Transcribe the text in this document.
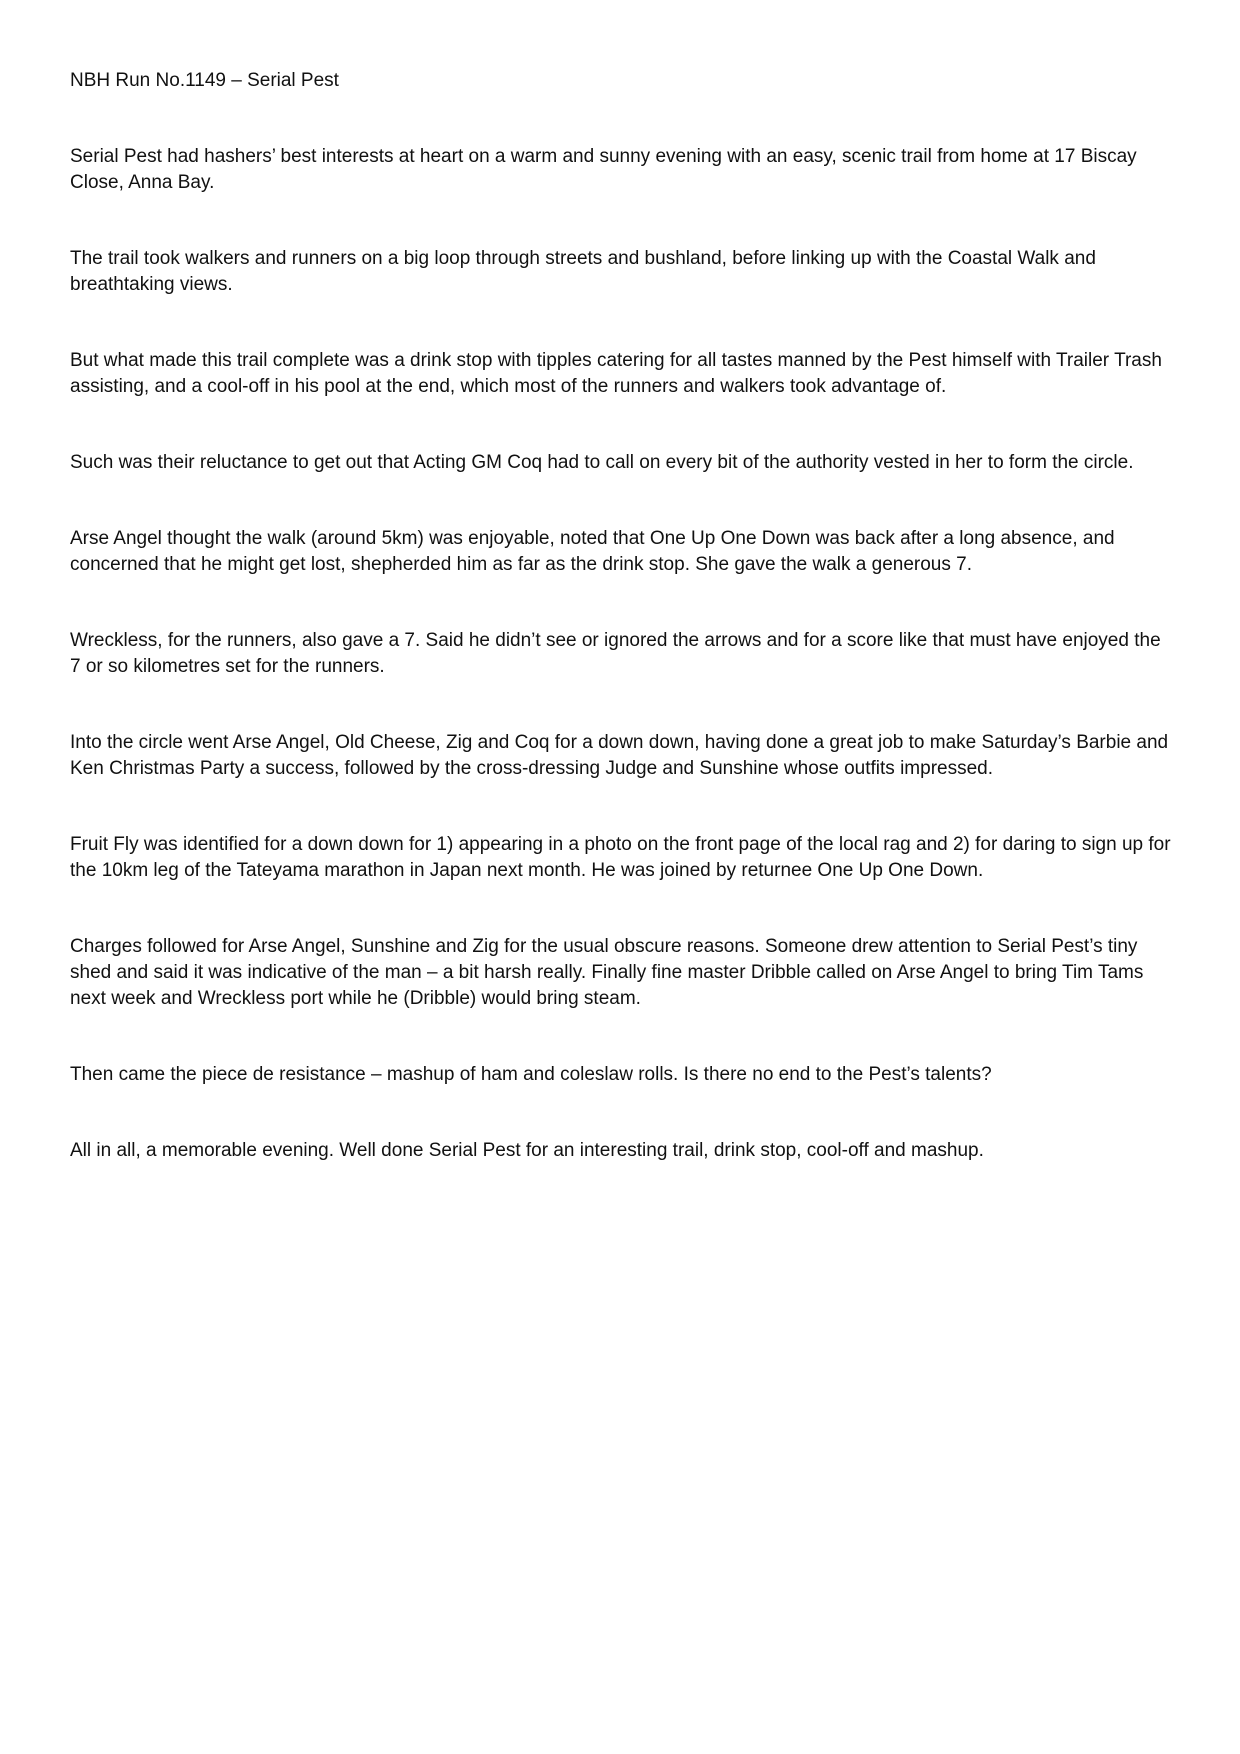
NBH Run No.1149 – Serial Pest

Serial Pest had hashers’ best interests at heart on a warm and sunny evening with an easy, scenic trail from home at 17 Biscay Close, Anna Bay.

The trail took walkers and runners on a big loop through streets and bushland, before linking up with the Coastal Walk and breathtaking views.

But what made this trail complete was a drink stop with tipples catering for all tastes manned by the Pest himself with Trailer Trash assisting, and a cool-off in his pool at the end, which most of the runners and walkers took advantage of.

Such was their reluctance to get out that Acting GM Coq had to call on every bit of the authority vested in her to form the circle.

Arse Angel thought the walk (around 5km) was enjoyable, noted that One Up One Down was back after a long absence, and concerned that he might get lost, shepherded him as far as the drink stop. She gave the walk a generous 7.

Wreckless, for the runners, also gave a 7. Said he didn’t see or ignored the arrows and for a score like that must have enjoyed the 7 or so kilometres set for the runners.

Into the circle went Arse Angel, Old Cheese, Zig and Coq for a down down, having done a great job to make Saturday’s Barbie and Ken Christmas Party a success, followed by the cross-dressing Judge and Sunshine whose outfits impressed.

Fruit Fly was identified for a down down for 1) appearing in a photo on the front page of the local rag and 2) for daring to sign up for the 10km leg of the Tateyama marathon in Japan next month. He was joined by returnee One Up One Down.

Charges followed for Arse Angel, Sunshine and Zig for the usual obscure reasons. Someone drew attention to Serial Pest’s tiny shed and said it was indicative of the man – a bit harsh really. Finally fine master Dribble called on Arse Angel to bring Tim Tams next week and Wreckless port while he (Dribble) would bring steam.

Then came the piece de resistance – mashup of ham and coleslaw rolls. Is there no end to the Pest’s talents?

All in all, a memorable evening. Well done Serial Pest for an interesting trail, drink stop, cool-off and mashup.
